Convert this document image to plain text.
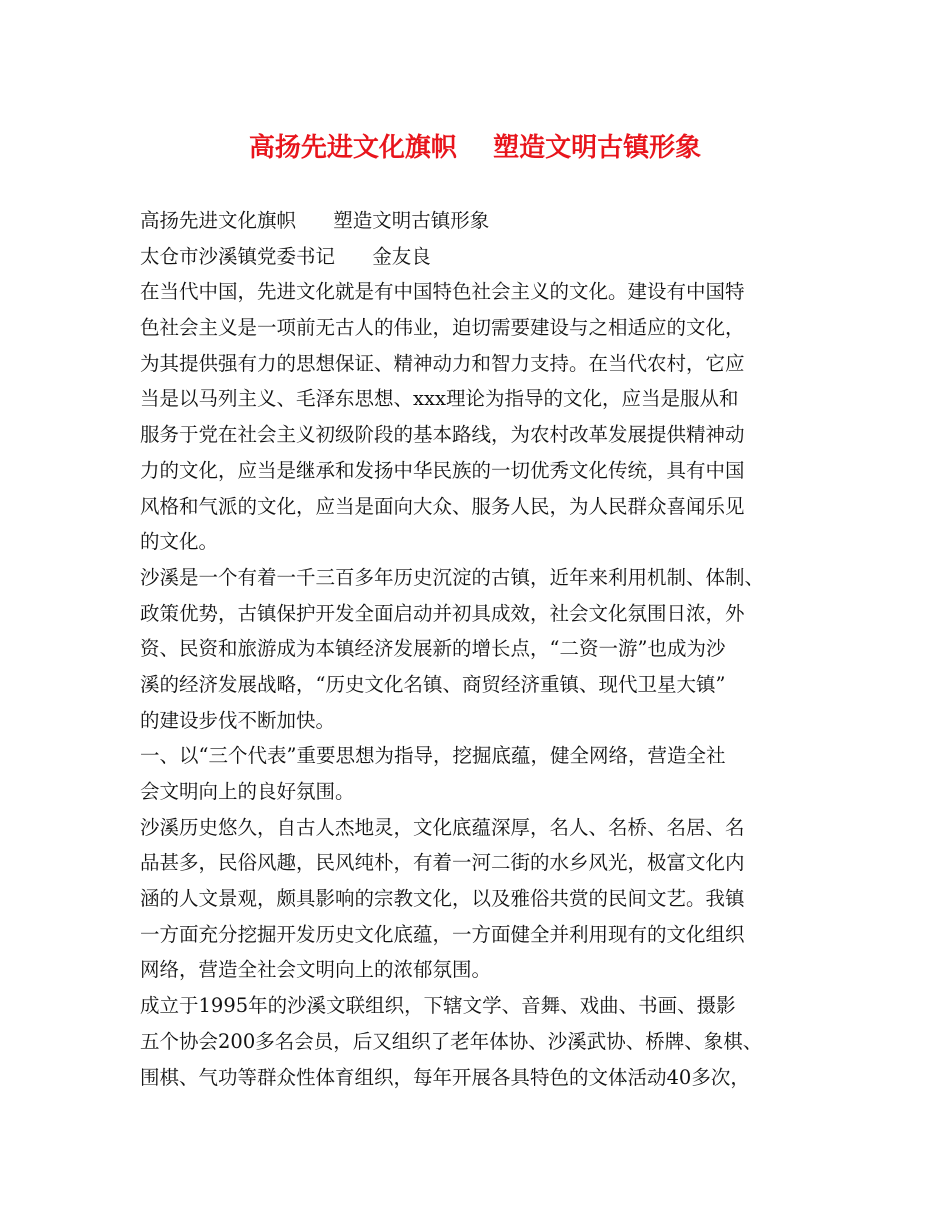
高扬先进文化旗帜    塑造文明古镇形象

高扬先进文化旗帜      塑造文明古镇形象

太仓市沙溪镇党委书记      金友良

在当代中国，先进文化就是有中国特色社会主义的文化。建设有中国特

色社会主义是一项前无古人的伟业，迫切需要建设与之相适应的文化，

为其提供强有力的思想保证、精神动力和智力支持。在当代农村，它应

当是以马列主义、毛泽东思想、xxx理论为指导的文化，应当是服从和

服务于党在社会主义初级阶段的基本路线，为农村改革发展提供精神动

力的文化，应当是继承和发扬中华民族的一切优秀文化传统，具有中国

风格和气派的文化，应当是面向大众、服务人民，为人民群众喜闻乐见

的文化。

沙溪是一个有着一千三百多年历史沉淀的古镇，近年来利用机制、体制、

政策优势，古镇保护开发全面启动并初具成效，社会文化氛围日浓，外

资、民资和旅游成为本镇经济发展新的增长点，“二资一游”也成为沙

溪的经济发展战略，“历史文化名镇、商贸经济重镇、现代卫星大镇”

的建设步伐不断加快。

一、以“三个代表”重要思想为指导，挖掘底蕴，健全网络，营造全社

会文明向上的良好氛围。

沙溪历史悠久，自古人杰地灵，文化底蕴深厚，名人、名桥、名居、名

品甚多，民俗风趣，民风纯朴，有着一河二街的水乡风光，极富文化内

涵的人文景观，颇具影响的宗教文化，以及雅俗共赏的民间文艺。我镇

一方面充分挖掘开发历史文化底蕴，一方面健全并利用现有的文化组织

网络，营造全社会文明向上的浓郁氛围。

成立于1995年的沙溪文联组织，下辖文学、音舞、戏曲、书画、摄影

五个协会200多名会员，后又组织了老年体协、沙溪武协、桥牌、象棋、

围棋、气功等群众性体育组织，每年开展各具特色的文体活动40多次，
